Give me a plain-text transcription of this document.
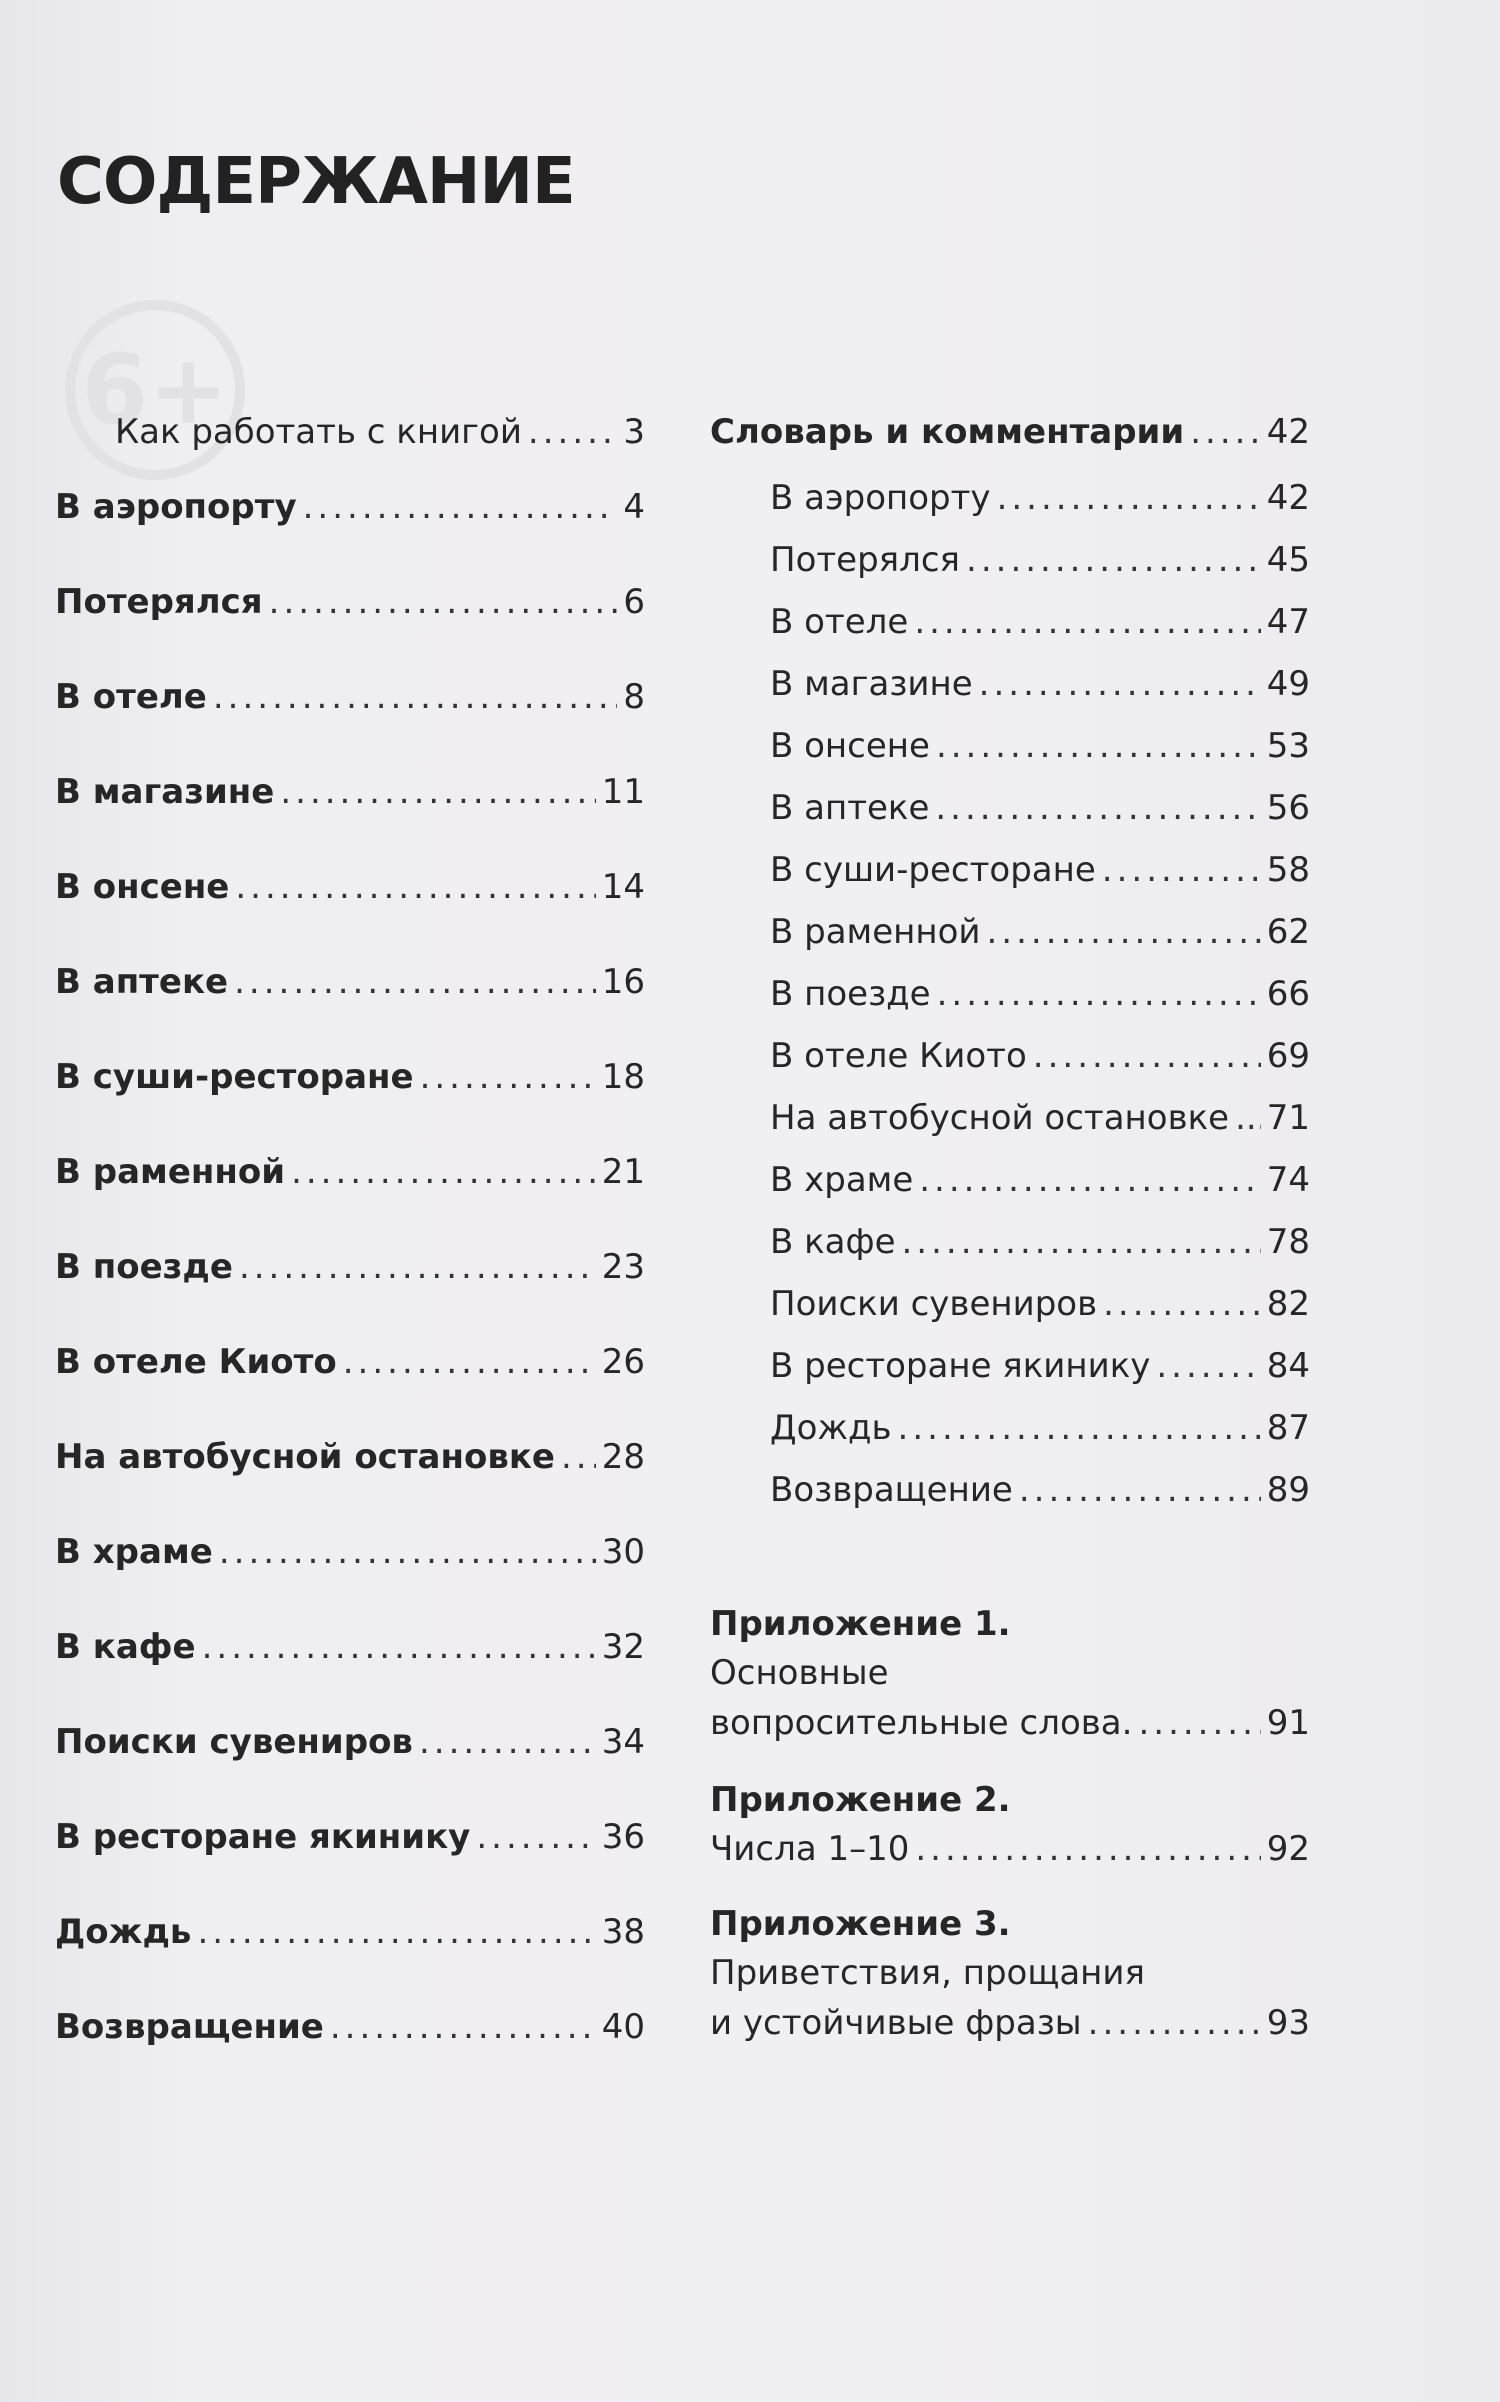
6+
СОДЕРЖАНИЕ
Как работать с книгой .....	3
В аэропорту .....	4
Потерялся .....	6
В отеле .....	8
В магазине .....	11
В онсене .....	14
В аптеке .....	16
В суши-ресторане .....	18
В раменной .....	21
В поезде .....	23
В отеле Киото .....	26
На автобусной остановке ..... 28
В храме .....	30
В кафе .....	32
Поиски сувениров .....	34
В ресторане якинику .....	36
Дождь .....	38
Возвращение .....	40
Словарь и комментарии ..... 42
В аэропорту .....	42
Потерялся .....	45
В отеле .....	47
В магазине .....	49
В онсене .....	53
В аптеке .....	56
В суши-ресторане .....	58
В раменной .....	62
В поезде .....	66
В отеле Киото .....	69
На автобусной остановке ..... 71
В храме .....	74
В кафе .....	78
Поиски сувениров .....	82
В ресторане якинику .....	84
Дождь .....	87
Возвращение .....	89
Приложение 1.
Основные
вопросительные слова. .....	91
Приложение 2.
Числа 1–10 .....	92
Приложение 3.
Приветствия, прощания
и устойчивые фразы .....	93
